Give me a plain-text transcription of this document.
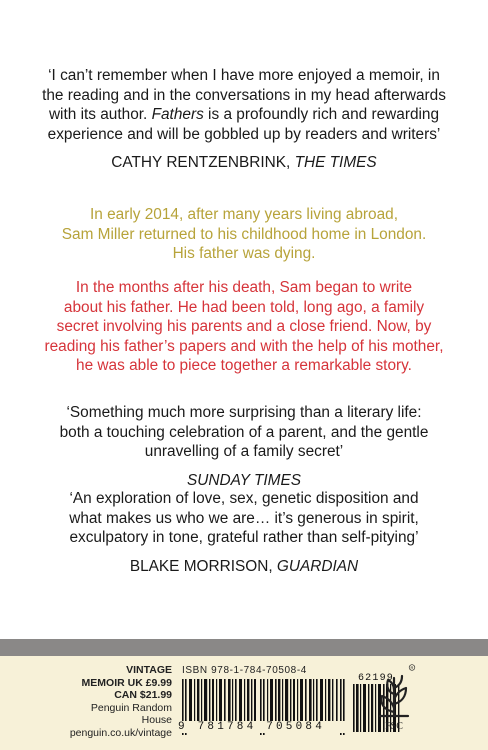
‘I can’t remember when I have more enjoyed a memoir, in
the reading and in the conversations in my head afterwards
with its author. Fathers is a profoundly rich and rewarding
experience and will be gobbled up by readers and writers’
CATHY RENTZENBRINK, THE TIMES
In early 2014, after many years living abroad,
Sam Miller returned to his childhood home in London.
His father was dying.
In the months after his death, Sam began to write
about his father. He had been told, long ago, a family
secret involving his parents and a close friend. Now, by
reading his father’s papers and with the help of his mother,
he was able to piece together a remarkable story.
‘Something much more surprising than a literary life:
both a touching celebration of a parent, and the gentle
unravelling of a family secret’
SUNDAY TIMES
‘An exploration of love, sex, genetic disposition and
what makes us who we are… it’s generous in spirit,
exculpatory in tone, grateful rather than self-pitying’
BLAKE MORRISON, GUARDIAN
VINTAGE
MEMOIR UK £9.99
CAN $21.99
Penguin Random House
penguin.co.uk/vintage
ISBN 978-1-784-70508-4
9 781784 705084
62199
R
FSC
